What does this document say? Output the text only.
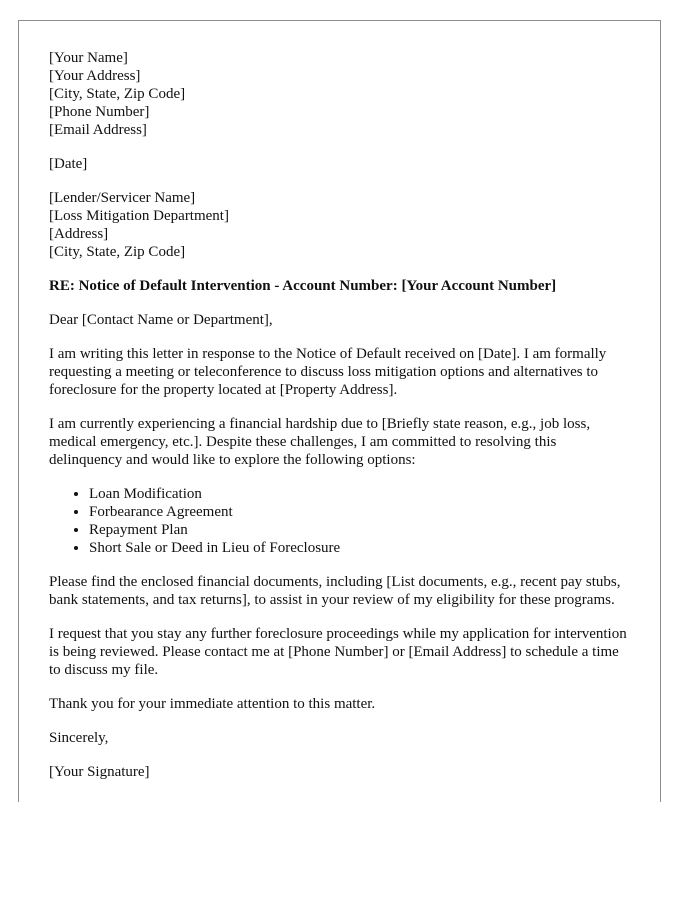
[Your Name]
[Your Address]
[City, State, Zip Code]
[Phone Number]
[Email Address]
[Date]
[Lender/Servicer Name]
[Loss Mitigation Department]
[Address]
[City, State, Zip Code]
RE: Notice of Default Intervention - Account Number: [Your Account Number]

Dear [Contact Name or Department],

I am writing this letter in response to the Notice of Default received on [Date]. I am formally requesting a meeting or teleconference to discuss loss mitigation options and alternatives to foreclosure for the property located at [Property Address].

I am currently experiencing a financial hardship due to [Briefly state reason, e.g., job loss, medical emergency, etc.]. Despite these challenges, I am committed to resolving this delinquency and would like to explore the following options:

• Loan Modification
• Forbearance Agreement
• Repayment Plan
• Short Sale or Deed in Lieu of Foreclosure

Please find the enclosed financial documents, including [List documents, e.g., recent pay stubs, bank statements, and tax returns], to assist in your review of my eligibility for these programs.

I request that you stay any further foreclosure proceedings while my application for intervention is being reviewed. Please contact me at [Phone Number] or [Email Address] to schedule a time to discuss my file.

Thank you for your immediate attention to this matter.

Sincerely,
[Your Signature]
